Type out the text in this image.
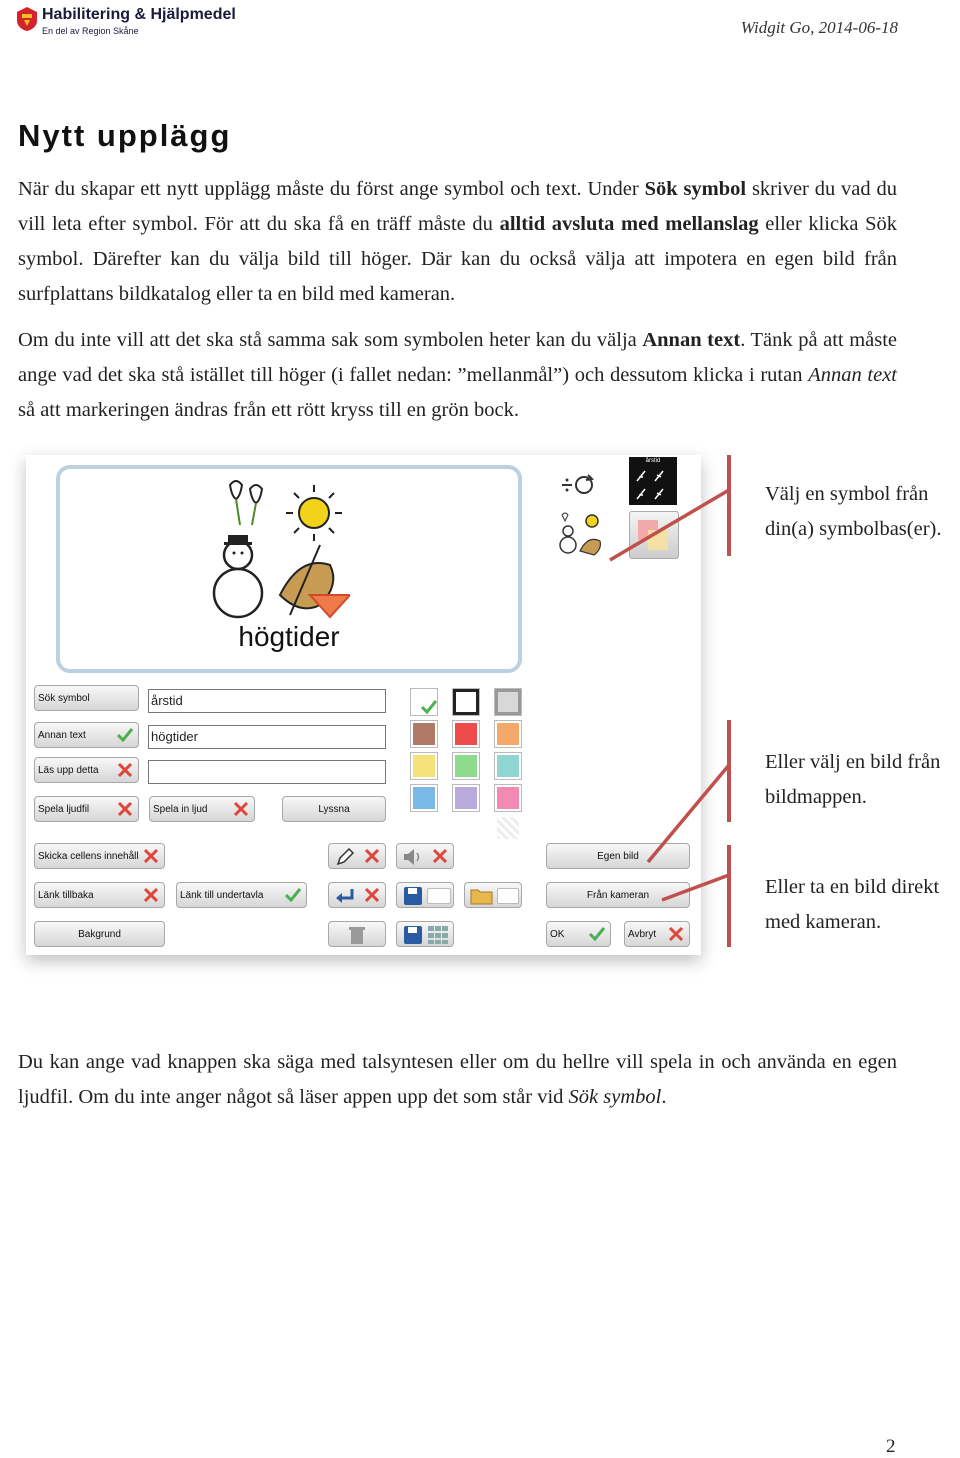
Habilitering & Hjälpmedel
En del av Region Skåne	Widgit Go, 2014-06-18
Nytt upplägg

När du skapar ett nytt upplägg måste du först ange symbol och text. Under Sök symbol skriver du vad du vill leta efter symbol. För att du ska få en träff måste du alltid avsluta med mellanslag eller klicka Sök symbol. Därefter kan du välja bild till höger. Där kan du också välja att impotera en egen bild från surfplattans bildkatalog eller ta en bild med kameran.

Om du inte vill att det ska stå samma sak som symbolen heter kan du välja Annan text. Tänk på att måste ange vad det ska stå istället till höger (i fallet nedan: ”mellanmål”) och dessutom klicka i rutan Annan text så att markeringen ändras från ett rött kryss till en grön bock.

högtider
årstid
Sök symbol	årstid
Annan text	högtider
Läs upp detta
Spela ljudfil	Spela in ljud	Lyssna
Skicka cellens innehåll
Länk tillbaka	Länk till undertavla
Bakgrund
Egen bild
Från kameran
OK	Avbryt
Välj en symbol från
din(a) symbolbas(er).
Eller välj en bild från
bildmappen.
Eller ta en bild direkt
med kameran.

Du kan ange vad knappen ska säga med talsyntesen eller om du hellre vill spela in och använda en egen ljudfil. Om du inte anger något så läser appen upp det som står vid Sök symbol.

2
